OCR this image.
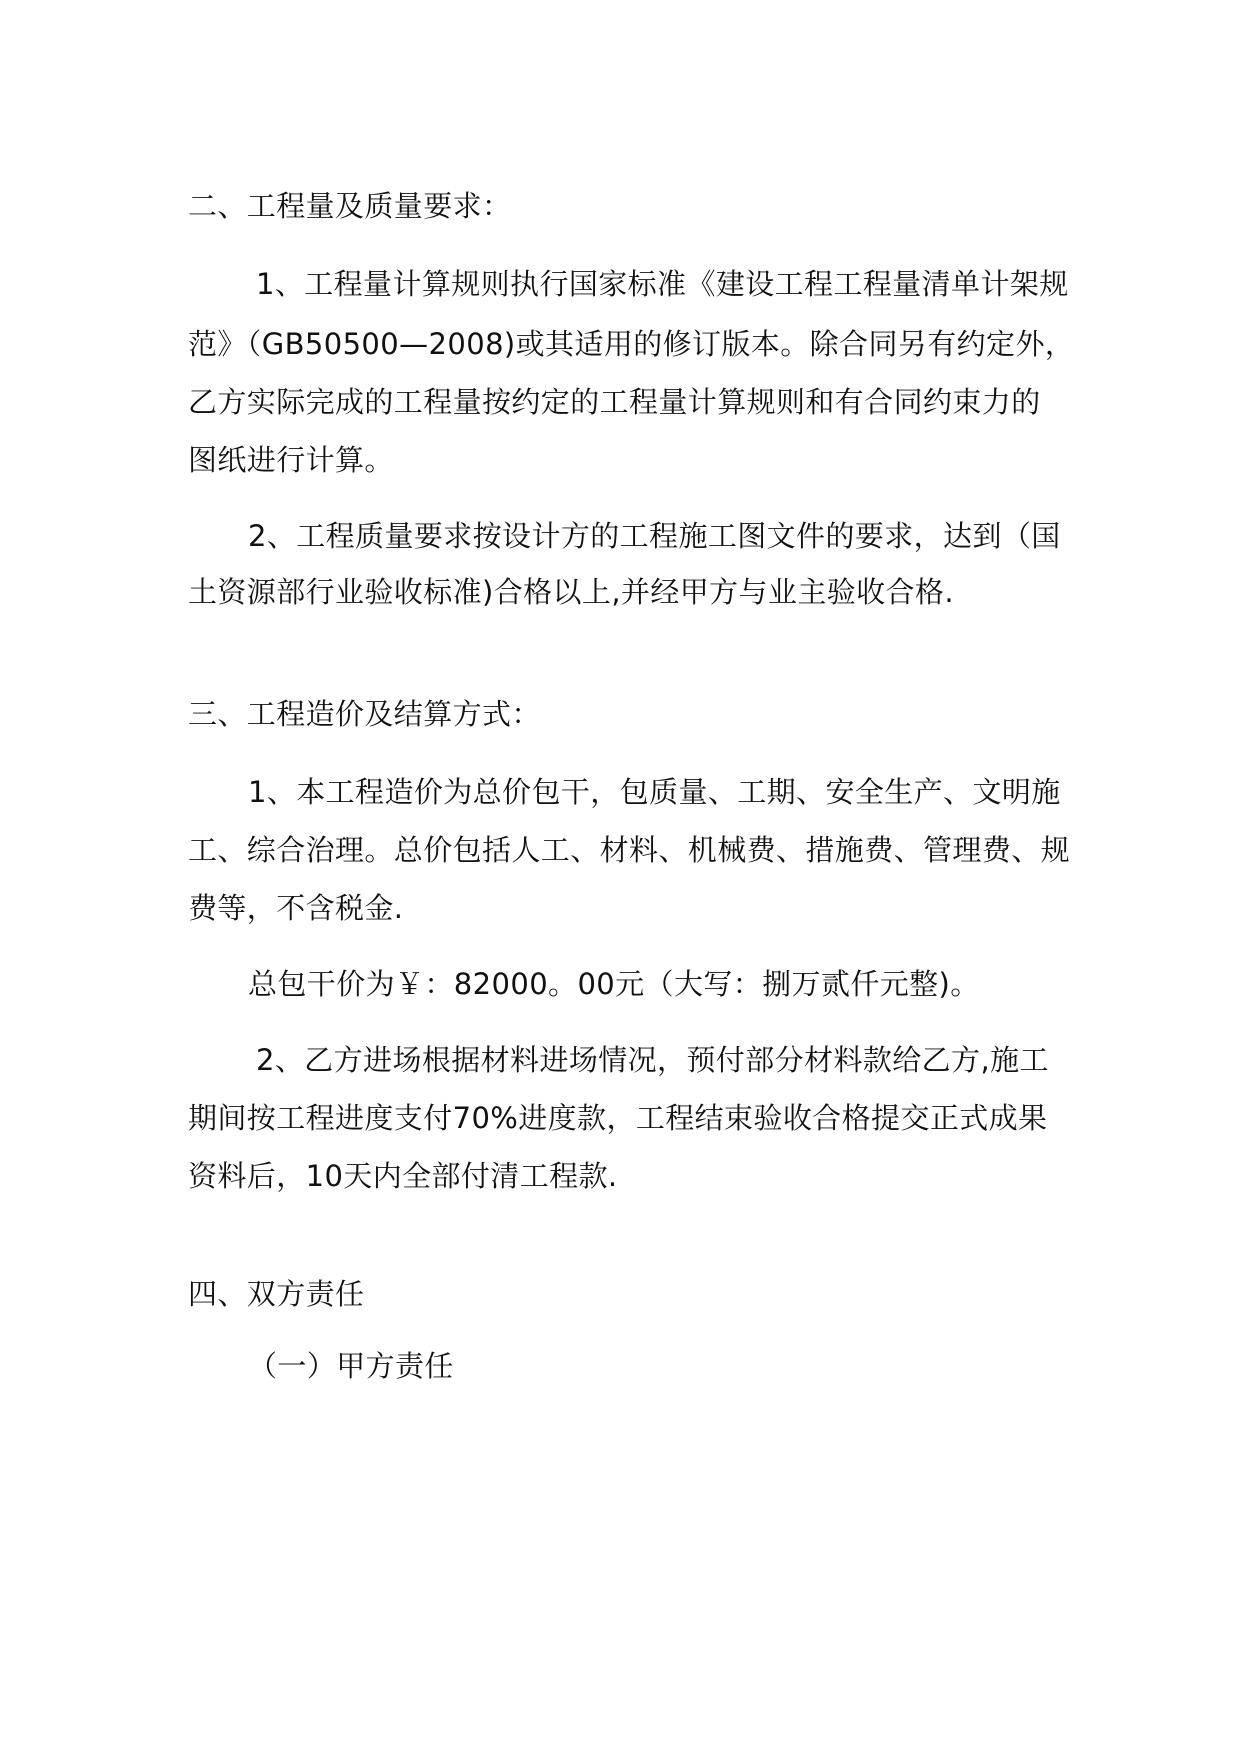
二、工程量及质量要求：
1、工程量计算规则执行国家标准《建设工程工程量清单计架规
范》（GB50500—2008)或其适用的修订版本。除合同另有约定外，
乙方实际完成的工程量按约定的工程量计算规则和有合同约束力的
图纸进行计算。
2、工程质量要求按设计方的工程施工图文件的要求，达到（国
土资源部行业验收标准)合格以上,并经甲方与业主验收合格.
三、工程造价及结算方式：
1、本工程造价为总价包干，包质量、工期、安全生产、文明施
工、综合治理。总价包括人工、材料、机械费、措施费、管理费、规
费等，不含税金.
总包干价为￥：82000。00元（大写：捌万贰仟元整)。
2、乙方进场根据材料进场情况，预付部分材料款给乙方,施工
期间按工程进度支付70%进度款，工程结束验收合格提交正式成果
资料后，10天内全部付清工程款.
四、双方责任
（一）甲方责任
